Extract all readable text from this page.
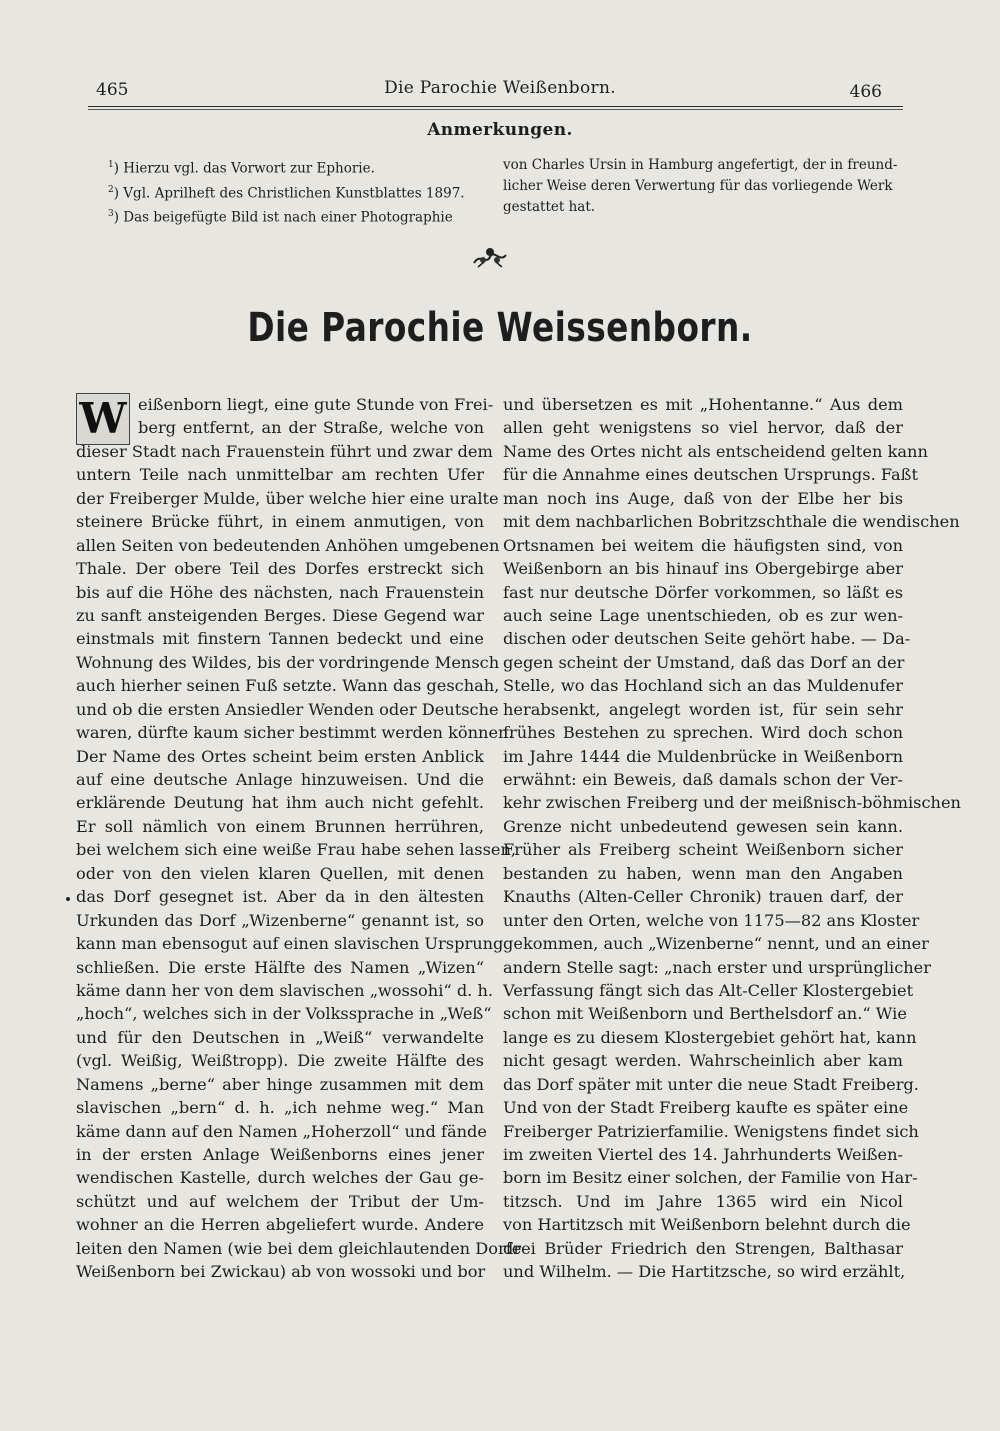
465	Die Parochie Weißenborn.	466
Anmerkungen.
$^1$) Hierzu vgl. das Vorwort zur Ephorie.
$^2$) Vgl. Aprilheft des Christlichen Kunstblattes 1897.
$^3$) Das beigefügte Bild ist nach einer Photographie
von Charles Ursin in Hamburg angefertigt, der in freund-
licher Weise deren Verwertung für das vorliegende Werk
gestattet hat.
Die Parochie Weissenborn.
W eißenborn liegt, eine gute Stunde von Frei-
berg entfernt, an der Straße, welche von
dieser Stadt nach Frauenstein führt und zwar dem
untern Teile nach unmittelbar am rechten Ufer
der Freiberger Mulde, über welche hier eine uralte
steinere Brücke führt, in einem anmutigen, von
allen Seiten von bedeutenden Anhöhen umgebenen
Thale. Der obere Teil des Dorfes erstreckt sich
bis auf die Höhe des nächsten, nach Frauenstein
zu sanft ansteigenden Berges. Diese Gegend war
einstmals mit finstern Tannen bedeckt und eine
Wohnung des Wildes, bis der vordringende Mensch
auch hierher seinen Fuß setzte. Wann das geschah,
und ob die ersten Ansiedler Wenden oder Deutsche
waren, dürfte kaum sicher bestimmt werden können.
Der Name des Ortes scheint beim ersten Anblick
auf eine deutsche Anlage hinzuweisen. Und die
erklärende Deutung hat ihm auch nicht gefehlt.
Er soll nämlich von einem Brunnen herrühren,
bei welchem sich eine weiße Frau habe sehen lassen,
oder von den vielen klaren Quellen, mit denen
das Dorf gesegnet ist. Aber da in den ältesten
Urkunden das Dorf „Wizenberne“ genannt ist, so
kann man ebensogut auf einen slavischen Ursprung
schließen. Die erste Hälfte des Namen „Wizen“
käme dann her von dem slavischen „wossohi“ d. h.
„hoch“, welches sich in der Volkssprache in „Weß“
und für den Deutschen in „Weiß“ verwandelte
(vgl. Weißig, Weißtropp). Die zweite Hälfte des
Namens „berne“ aber hinge zusammen mit dem
slavischen „bern“ d. h. „ich nehme weg.“ Man
käme dann auf den Namen „Hoherzoll“ und fände
in der ersten Anlage Weißenborns eines jener
wendischen Kastelle, durch welches der Gau ge-
schützt und auf welchem der Tribut der Um-
wohner an die Herren abgeliefert wurde. Andere
leiten den Namen (wie bei dem gleichlautenden Dorfe
Weißenborn bei Zwickau) ab von wossoki und bor
und übersetzen es mit „Hohentanne.“ Aus dem
allen geht wenigstens so viel hervor, daß der
Name des Ortes nicht als entscheidend gelten kann
für die Annahme eines deutschen Ursprungs. Faßt
man noch ins Auge, daß von der Elbe her bis
mit dem nachbarlichen Bobritzschthale die wendischen
Ortsnamen bei weitem die häufigsten sind, von
Weißenborn an bis hinauf ins Obergebirge aber
fast nur deutsche Dörfer vorkommen, so läßt es
auch seine Lage unentschieden, ob es zur wen-
dischen oder deutschen Seite gehört habe. — Da-
gegen scheint der Umstand, daß das Dorf an der
Stelle, wo das Hochland sich an das Muldenufer
herabsenkt, angelegt worden ist, für sein sehr
frühes Bestehen zu sprechen. Wird doch schon
im Jahre 1444 die Muldenbrücke in Weißenborn
erwähnt: ein Beweis, daß damals schon der Ver-
kehr zwischen Freiberg und der meißnisch-böhmischen
Grenze nicht unbedeutend gewesen sein kann.
Früher als Freiberg scheint Weißenborn sicher
bestanden zu haben, wenn man den Angaben
Knauths (Alten-Celler Chronik) trauen darf, der
unter den Orten, welche von 1175—82 ans Kloster
gekommen, auch „Wizenberne“ nennt, und an einer
andern Stelle sagt: „nach erster und ursprünglicher
Verfassung fängt sich das Alt-Celler Klostergebiet
schon mit Weißenborn und Berthelsdorf an.“ Wie
lange es zu diesem Klostergebiet gehört hat, kann
nicht gesagt werden. Wahrscheinlich aber kam
das Dorf später mit unter die neue Stadt Freiberg.
Und von der Stadt Freiberg kaufte es später eine
Freiberger Patrizierfamilie. Wenigstens findet sich
im zweiten Viertel des 14. Jahrhunderts Weißen-
born im Besitz einer solchen, der Familie von Har-
titzsch. Und im Jahre 1365 wird ein Nicol
von Hartitzsch mit Weißenborn belehnt durch die
drei Brüder Friedrich den Strengen, Balthasar
und Wilhelm. — Die Hartitzsche, so wird erzählt,
